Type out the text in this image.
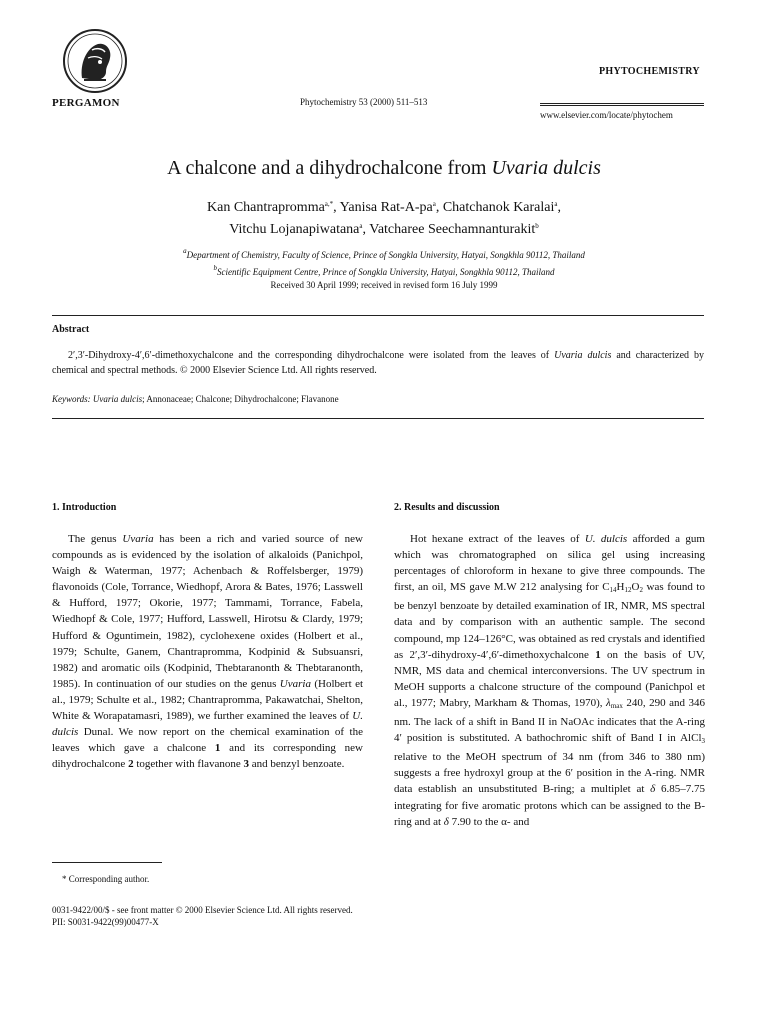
PERGAMON	Phytochemistry 53 (2000) 511–513
PHYTOCHEMISTRY
www.elsevier.com/locate/phytochem
A chalcone and a dihydrochalcone from Uvaria dulcis
Kan Chantrapromma$^{a,*}$, Yanisa Rat-$A-pa^a$, Chatchanok Karalai$^a$,
Vitchu Lojanapiwatana$^a$, Vatcharee Seechamnanturakit$^b$
$^a$Department of Chemistry, Faculty of Science, Prince of Songkla University, Hatyai, Songkhla 90112, Thailand
$^b$Scientific Equipment Centre, Prince of Songkla University, Hatyai, Songkhla 90112, Thailand
Received 30 April 1999; received in revised form 16 July 1999
Abstract

2′,3′-Dihydroxy-4′,6′-dimethoxychalcone and the corresponding dihydrochalcone were isolated from the leaves of Uvaria dulcis and characterized by chemical and spectral methods. © 2000 Elsevier Science Ltd. All rights reserved.

Keywords: Uvaria dulcis; Annonaceae; Chalcone; Dihydrochalcone; Flavanone
1. Introduction

The genus Uvaria has been a rich and varied source of new compounds as is evidenced by the isolation of alkaloids (Panichpol, Waigh & Waterman, 1977; Achenbach & Roffelsberger, 1979) flavonoids (Cole, Torrance, Wiedhopf, Arora & Bates, 1976; Lasswell & Hufford, 1977; Okorie, 1977; Tammami, Torrance, Fabela, Wiedhopf & Cole, 1977; Hufford, Lasswell, Hirotsu & Clardy, 1979; Hufford & Oguntimein, 1982), cyclohexene oxides (Holbert et al., 1979; Schulte, Ganem, Chantrapromma, Kodpinid & Subsuansri, 1982) and aromatic oils (Kodpinid, Thebtaranonth & Thebtaranonth, 1985). In continuation of our studies on the genus Uvaria (Holbert et al., 1979; Schulte et al., 1982; Chantrapromma, Pakawatchai, Shelton, White & Worapatamasri, 1989), we further examined the leaves of U. dulcis Dunal. We now report on the chemical examination of the leaves which gave a chalcone 1 and its corresponding new dihydrochalcone 2 together with flavanone 3 and benzyl benzoate.

2. Results and discussion

Hot hexane extract of the leaves of U. dulcis afforded a gum which was chromatographed on silica gel using increasing percentages of chloroform in hexane to give three compounds. The first, an oil, MS gave M.W 212 analysing for $C_{14}H_{12}O_2$ was found to be benzyl benzoate by detailed examination of IR, NMR, MS spectral data and by comparison with an authentic sample. The second compound, mp 124–126°C, was obtained as red crystals and identified as 2′,3′-dihydroxy-4′,6′-dimethoxychalcone 1 on the basis of UV, NMR, MS data and chemical interconversions. The UV spectrum in MeOH supports a chalcone structure of the compound (Panichpol et al., 1977; Mabry, Markham & Thomas, 1970), $\lambda_{max}$ 240, 290 and 346 nm. The lack of a shift in Band II in NaOAc indicates that the A-ring 4′ position is substituted. A bathochromic shift of Band I in AlCl$_3$ relative to the MeOH spectrum of 34 nm (from 346 to 380 nm) suggests a free hydroxyl group at the 6′ position in the A-ring. NMR data establish an unsubstituted B-ring; a multiplet at δ 6.85–7.75 integrating for five aromatic protons which can be assigned to the B-ring and at δ 7.90 to the α- and

* Corresponding author.
0031-9422/00/$ - see front matter © 2000 Elsevier Science Ltd. All rights reserved.
PII: S0031-9422(99)00477-X
